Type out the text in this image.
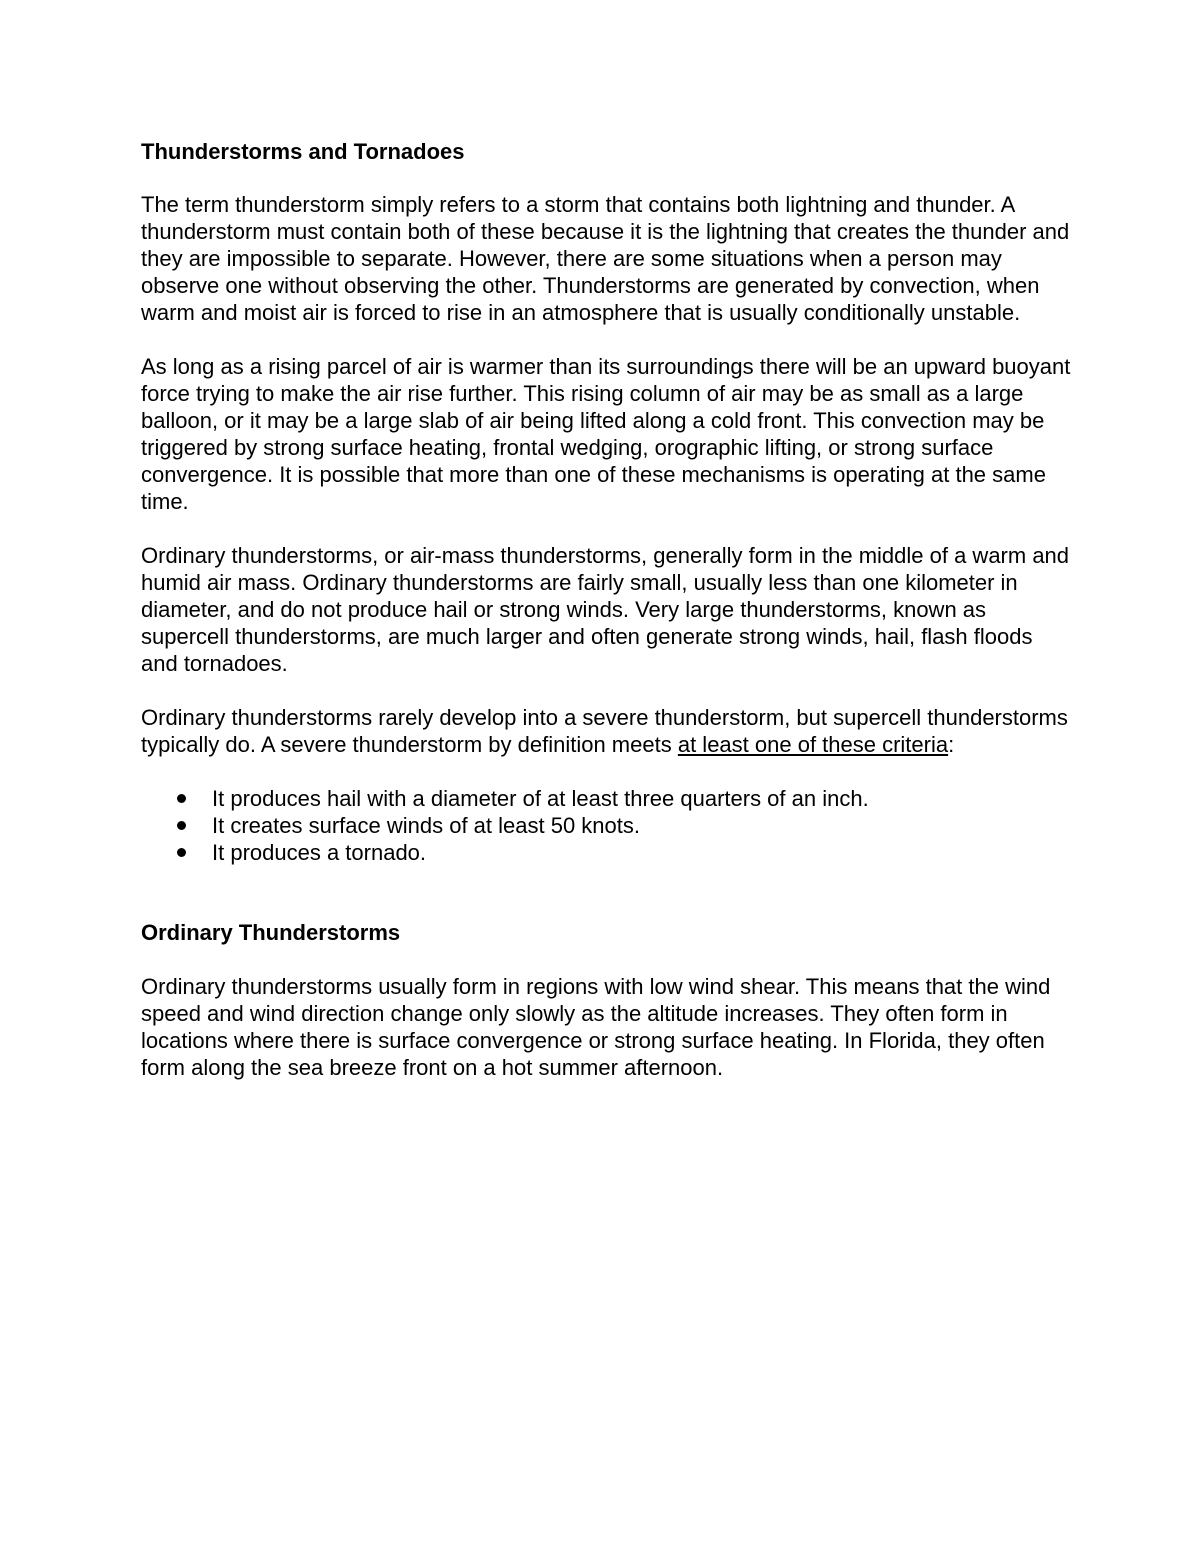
Thunderstorms and Tornadoes

The term thunderstorm simply refers to a storm that contains both lightning and thunder. A thunderstorm must contain both of these because it is the lightning that creates the thunder and they are impossible to separate. However, there are some situations when a person may observe one without observing the other. Thunderstorms are generated by convection, when warm and moist air is forced to rise in an atmosphere that is usually conditionally unstable.

As long as a rising parcel of air is warmer than its surroundings there will be an upward buoyant force trying to make the air rise further. This rising column of air may be as small as a large balloon, or it may be a large slab of air being lifted along a cold front. This convection may be triggered by strong surface heating, frontal wedging, orographic lifting, or strong surface convergence. It is possible that more than one of these mechanisms is operating at the same time.

Ordinary thunderstorms, or air-mass thunderstorms, generally form in the middle of a warm and humid air mass. Ordinary thunderstorms are fairly small, usually less than one kilometer in diameter, and do not produce hail or strong winds. Very large thunderstorms, known as supercell thunderstorms, are much larger and often generate strong winds, hail, flash floods and tornadoes.

Ordinary thunderstorms rarely develop into a severe thunderstorm, but supercell thunderstorms typically do. A severe thunderstorm by definition meets at least one of these criteria:

It produces hail with a diameter of at least three quarters of an inch.
It creates surface winds of at least 50 knots.
It produces a tornado.

Ordinary Thunderstorms

Ordinary thunderstorms usually form in regions with low wind shear. This means that the wind speed and wind direction change only slowly as the altitude increases. They often form in locations where there is surface convergence or strong surface heating. In Florida, they often form along the sea breeze front on a hot summer afternoon.
